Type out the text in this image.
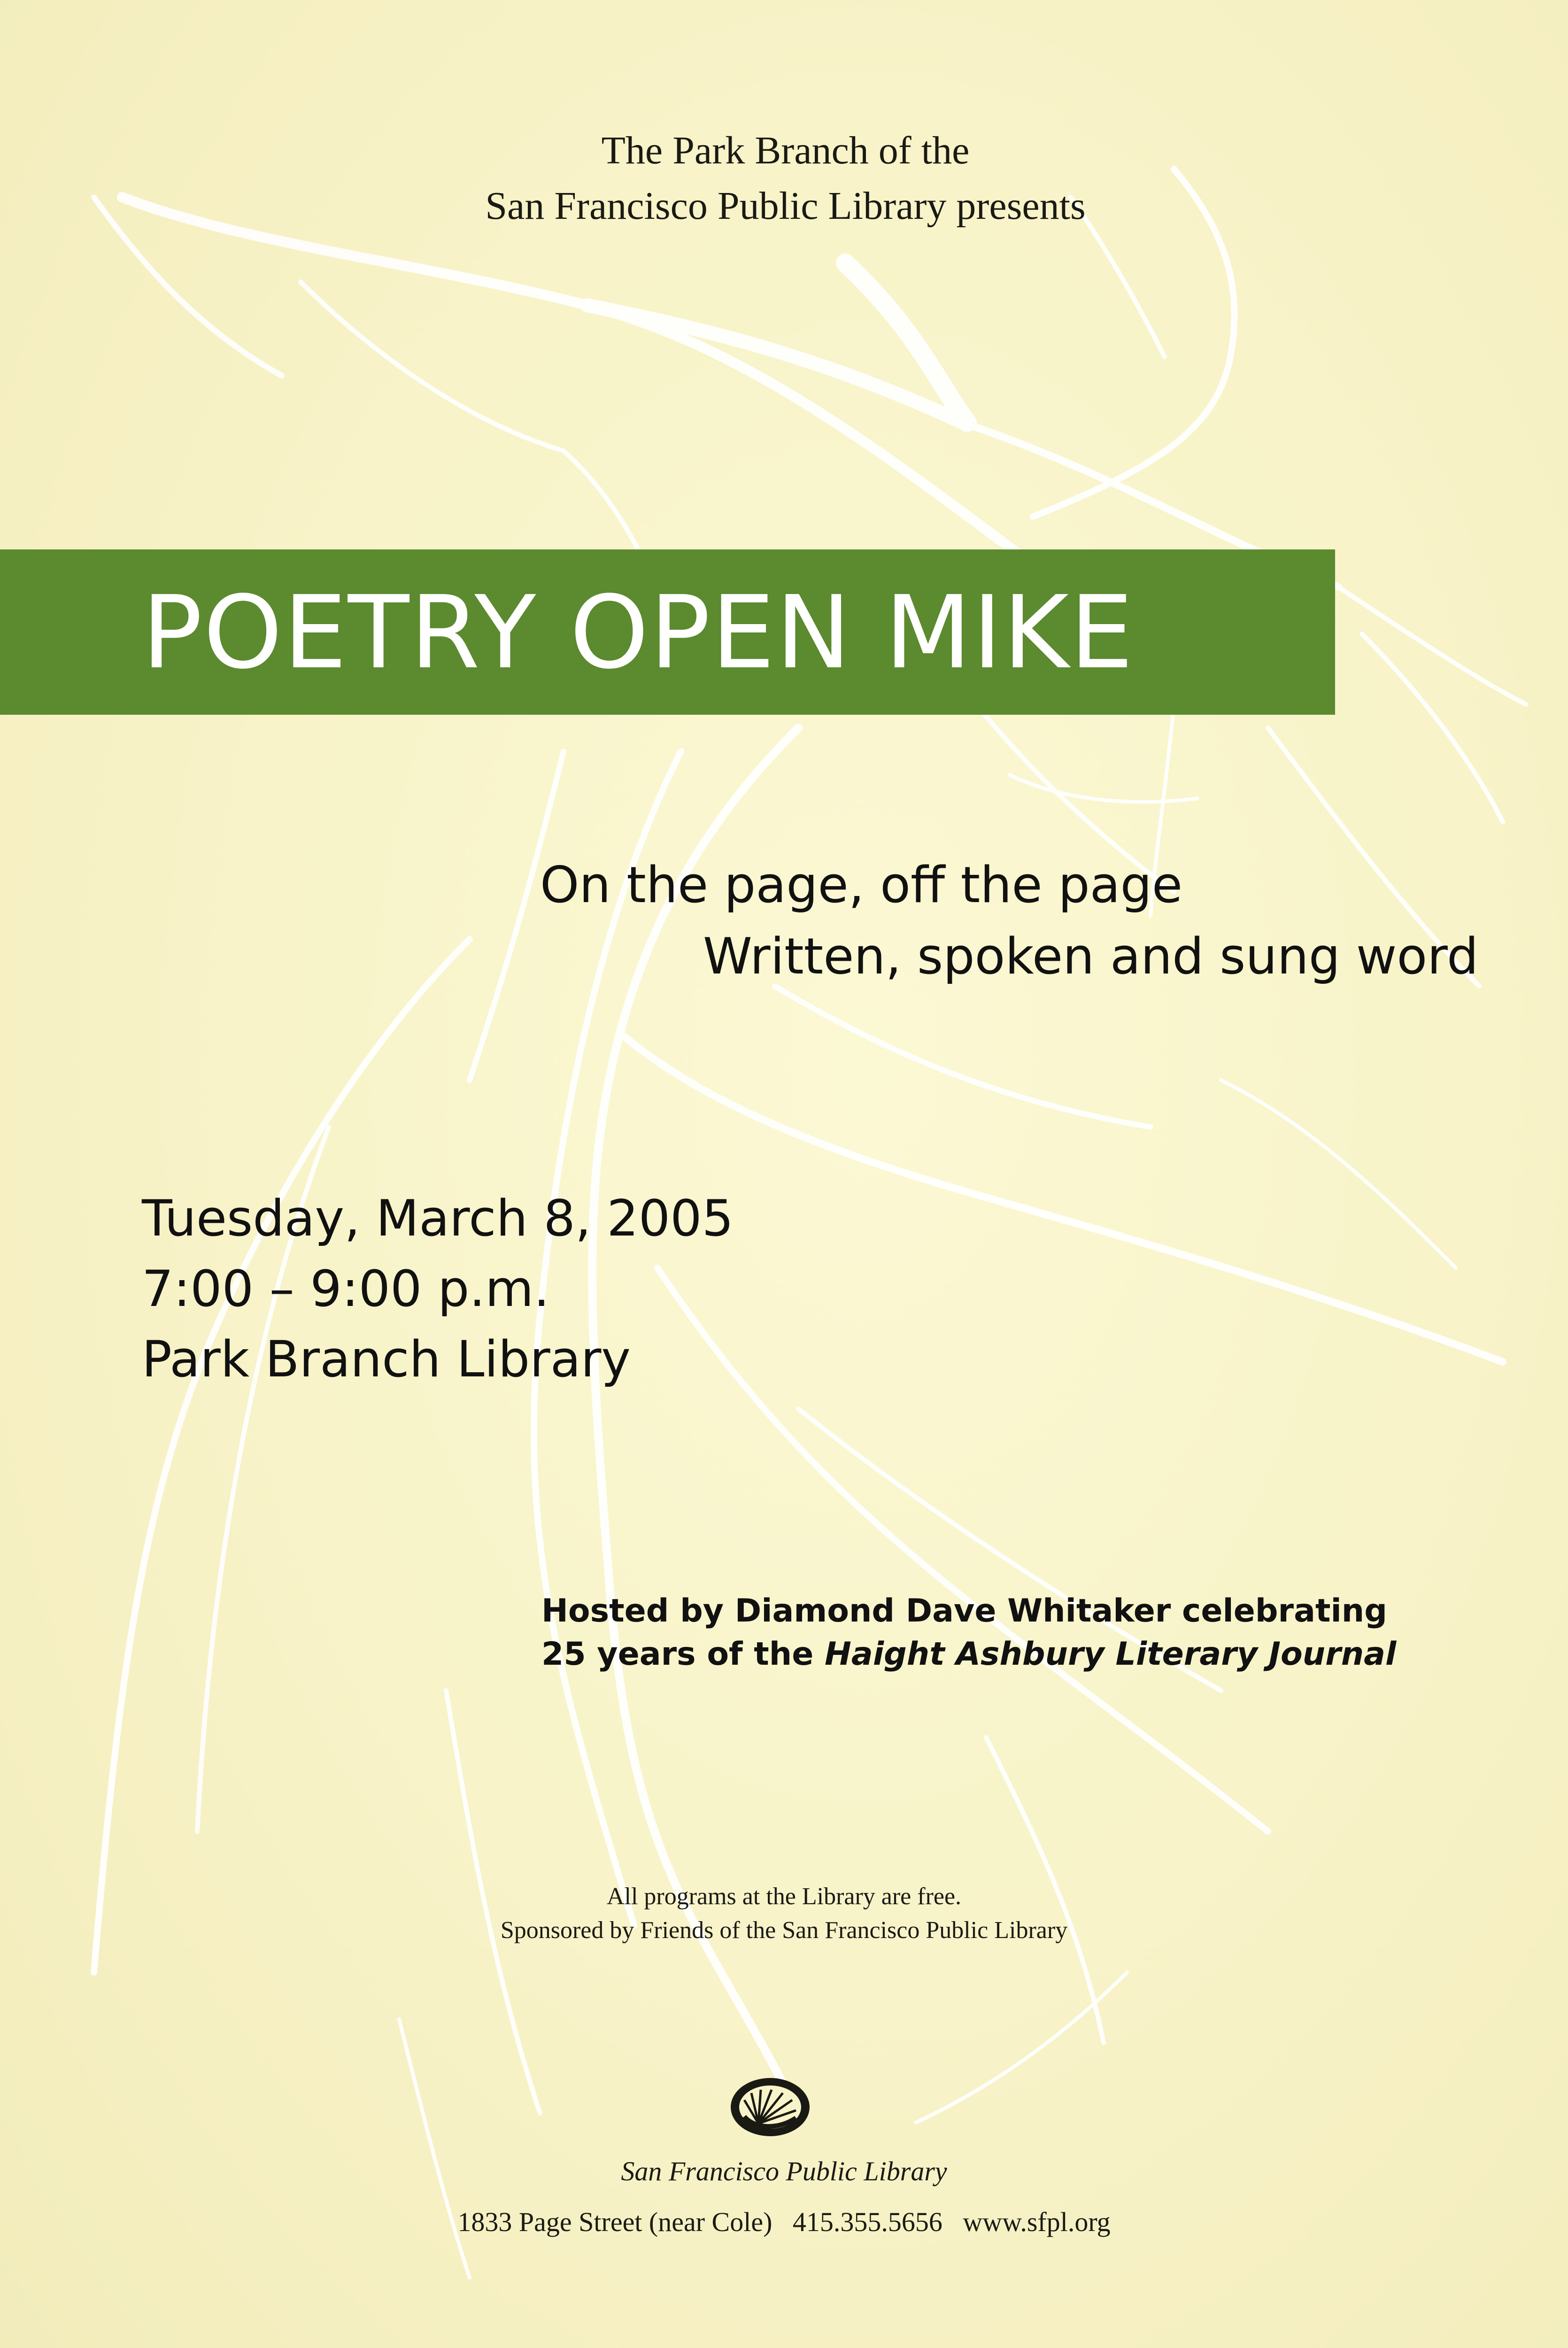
The Park Branch of the
San Francisco Public Library presents
POETRY OPEN MIKE
On the page, off the page
Written, spoken and sung word
Tuesday, March 8, 2005
7:00 – 9:00 p.m.
Park Branch Library
Hosted by Diamond Dave Whitaker celebrating
25 years of the Haight Ashbury Literary Journal
All programs at the Library are free.
Sponsored by Friends of the San Francisco Public Library
San Francisco Public Library
1833 Page Street (near Cole) 415.355.5656 www.sfpl.org
